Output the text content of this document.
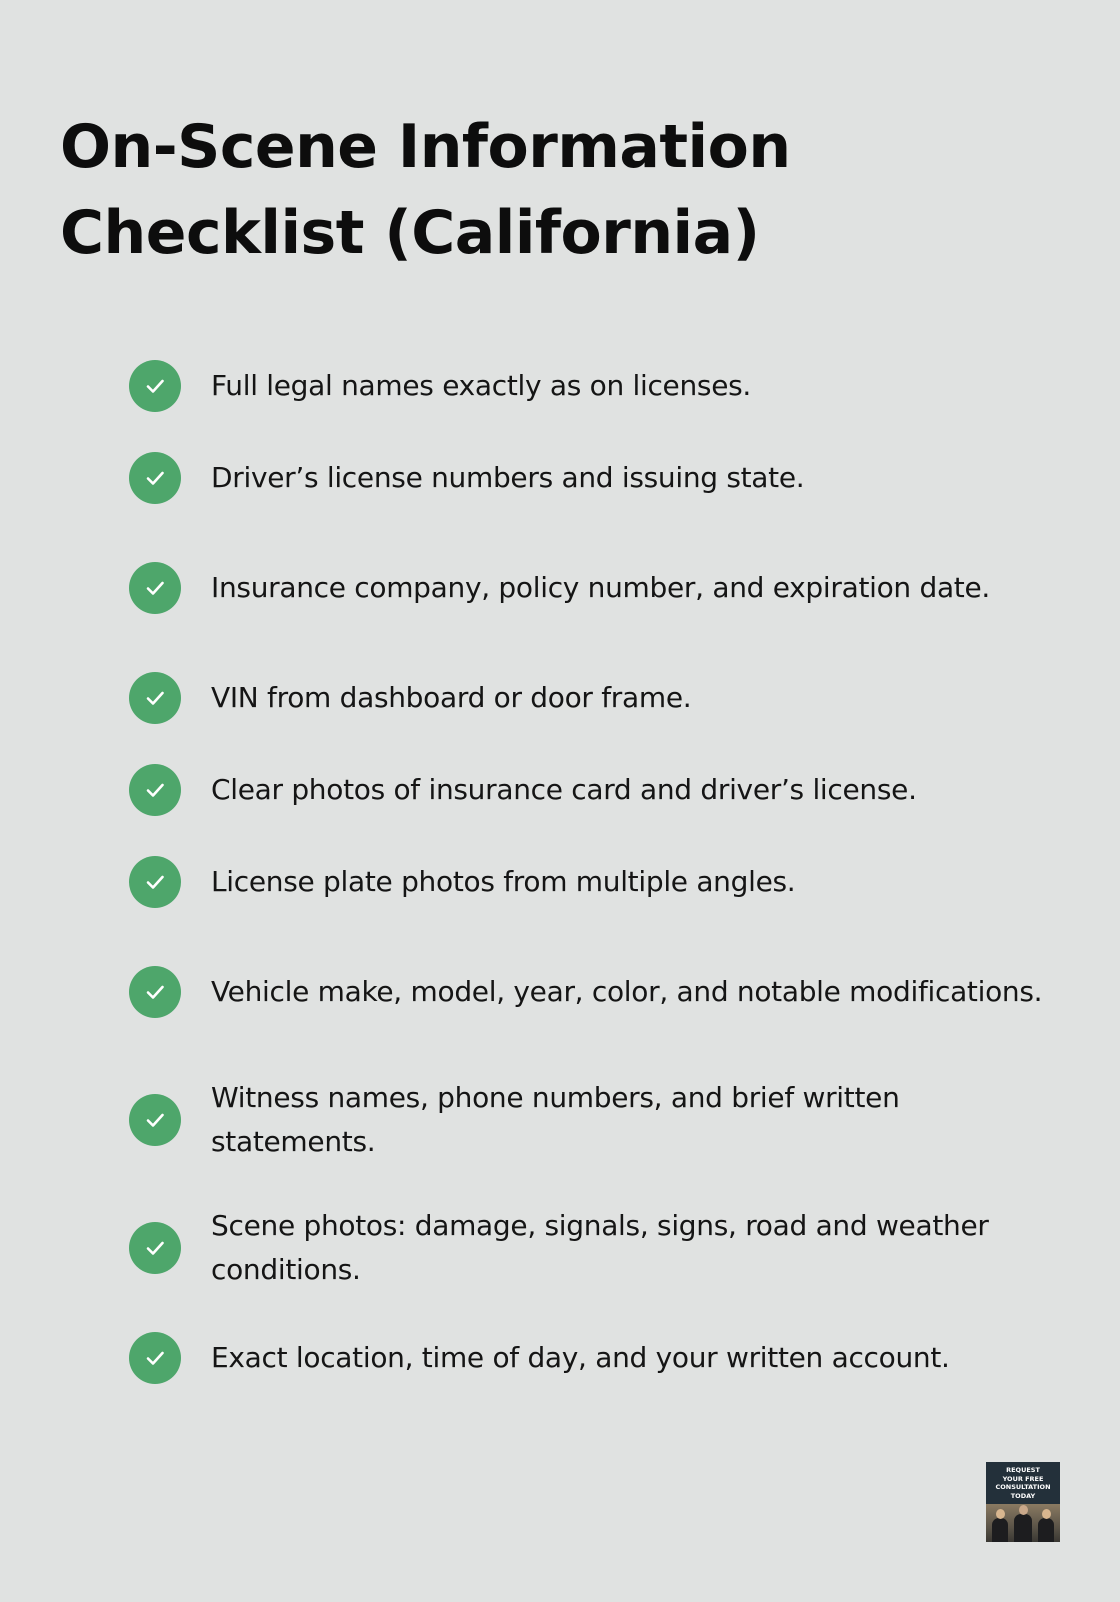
On-Scene Information Checklist (California)
Full legal names exactly as on licenses.
Driver’s license numbers and issuing state.
Insurance company, policy number, and expiration date.
VIN from dashboard or door frame.
Clear photos of insurance card and driver’s license.
License plate photos from multiple angles.
Vehicle make, model, year, color, and notable modifications.
Witness names, phone numbers, and brief written statements.
Scene photos: damage, signals, signs, road and weather conditions.
Exact location, time of day, and your written account.
REQUEST
YOUR FREE
CONSULTATION
TODAY
